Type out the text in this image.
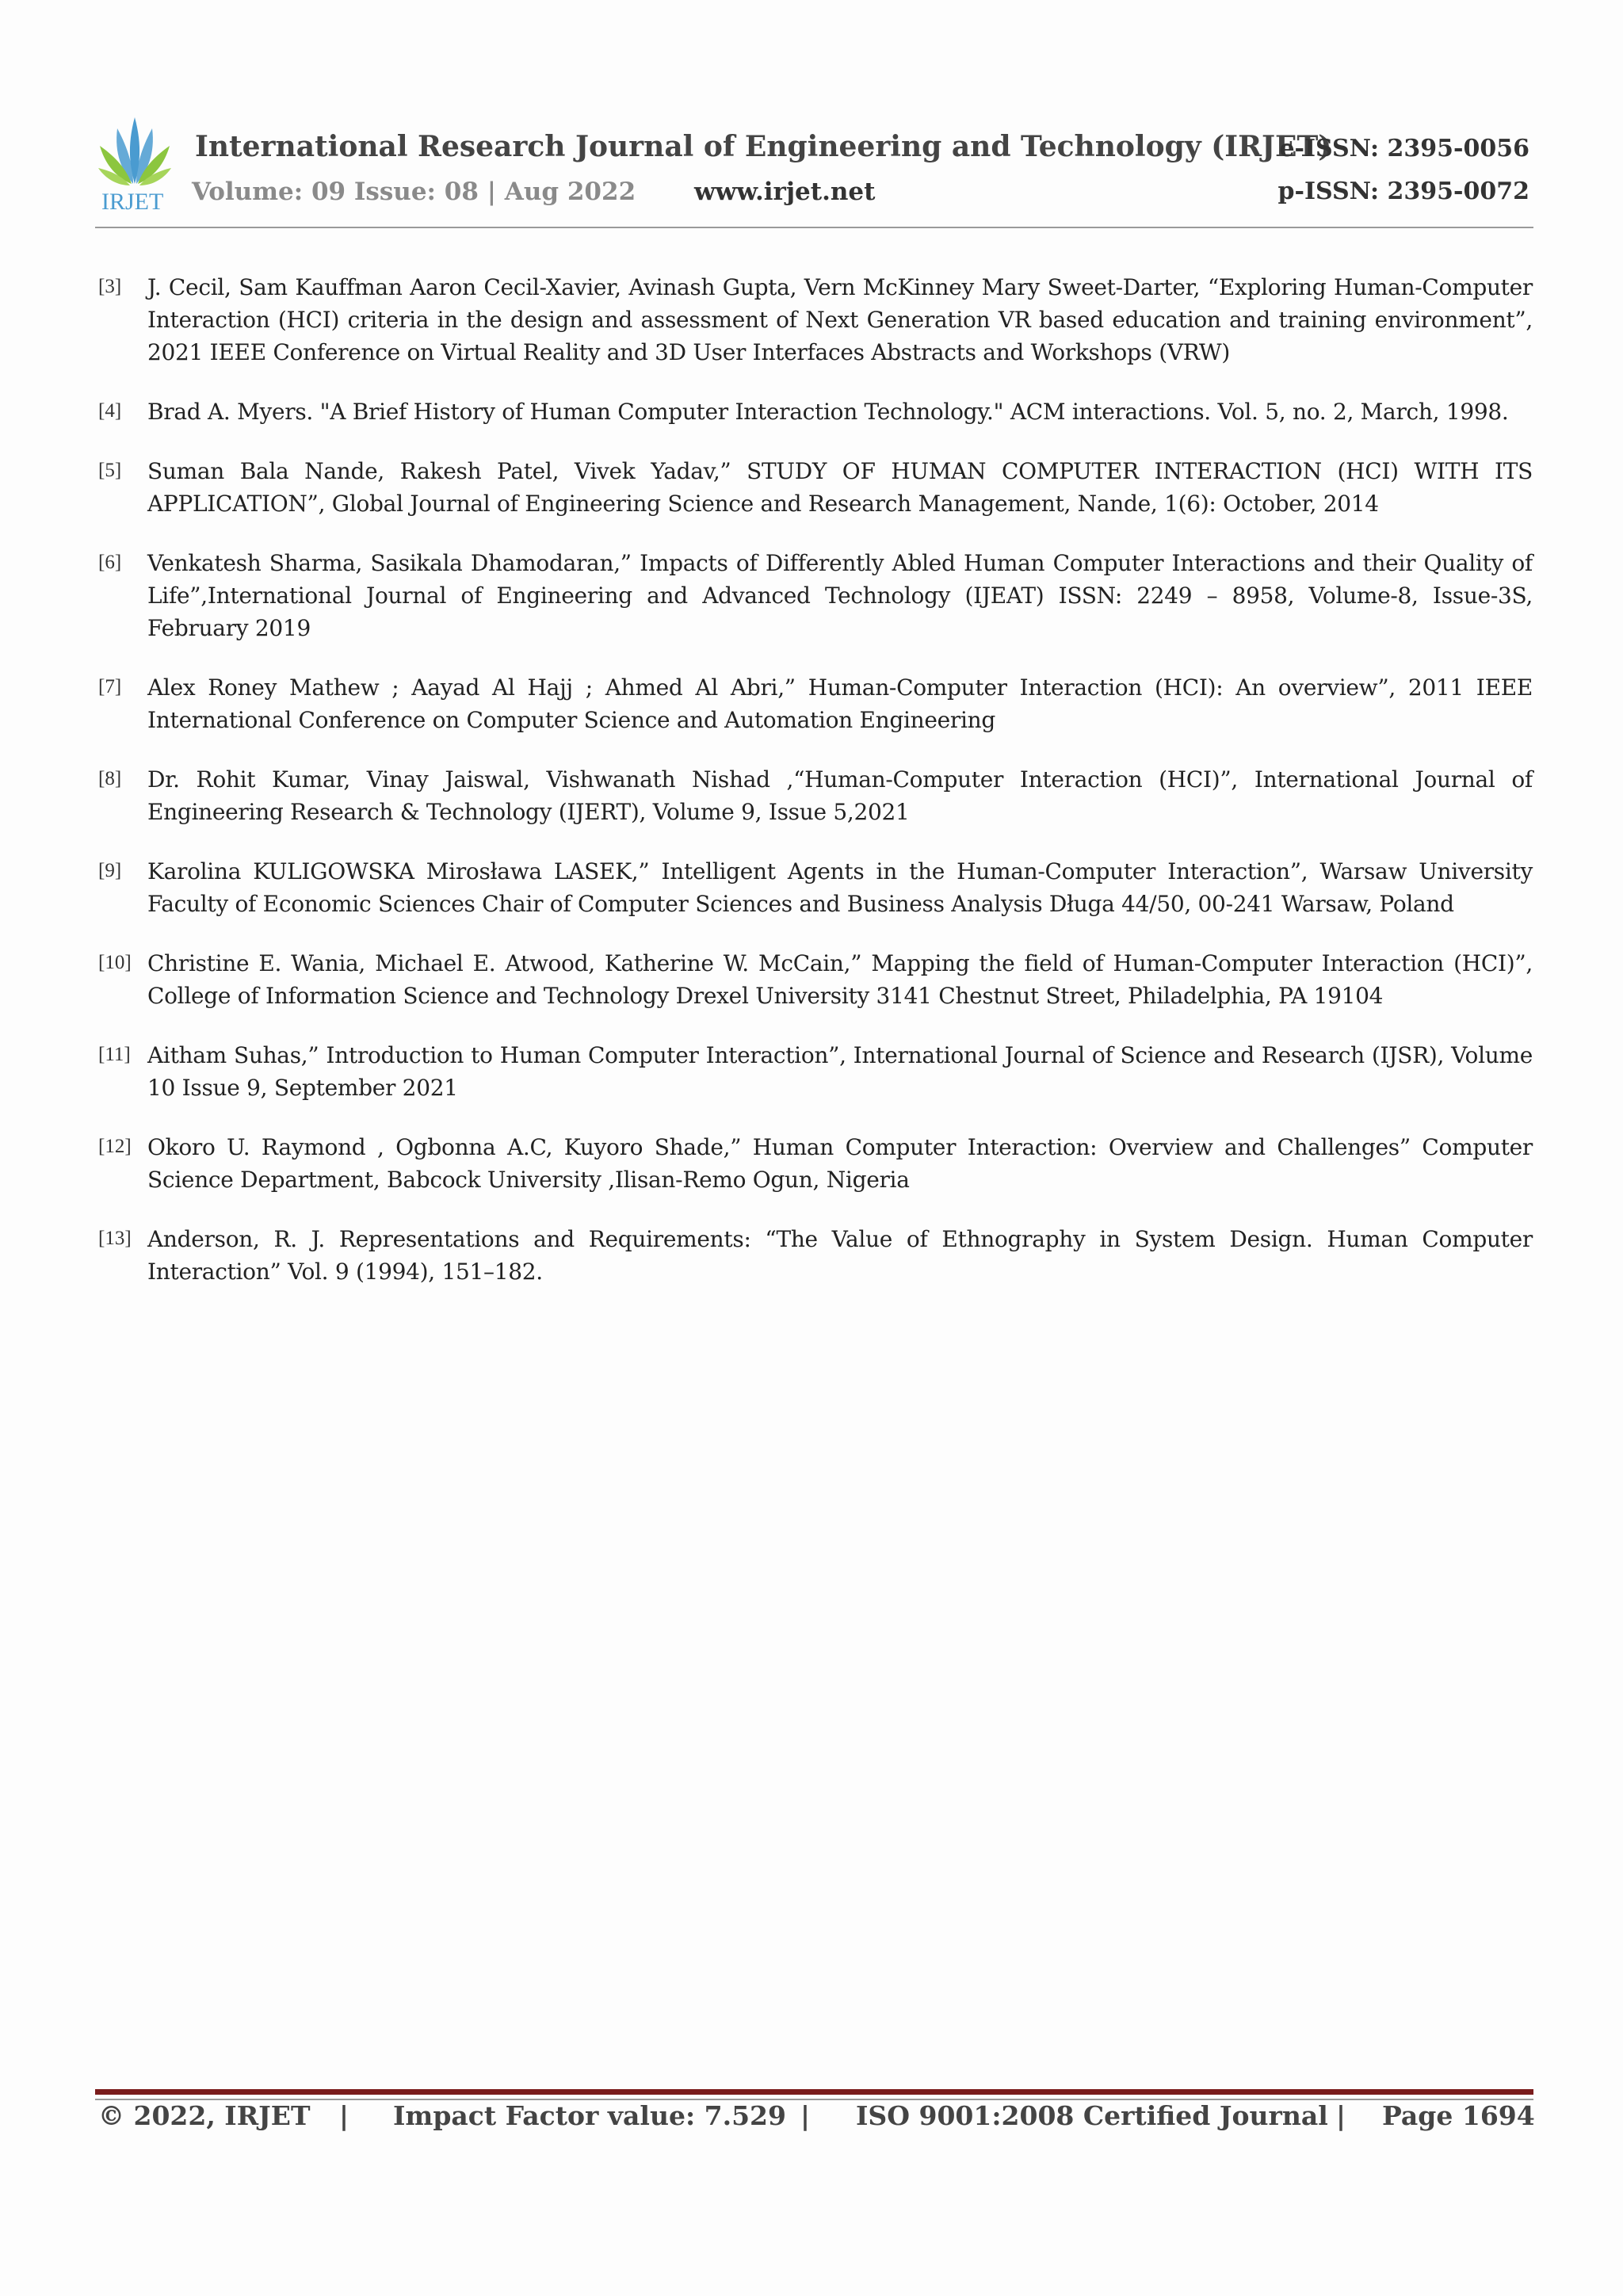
IRJET
International Research Journal of Engineering and Technology (IRJET)
Volume: 09 Issue: 08 | Aug 2022 www.irjet.net
e-ISSN: 2395-0056
p-ISSN: 2395-0072
[3]	J. Cecil, Sam Kauffman Aaron Cecil-Xavier, Avinash Gupta, Vern McKinney Mary Sweet-Darter, “Exploring Human-Computer Interaction (HCI) criteria in the design and assessment of Next Generation VR based education and training environment”, 2021 IEEE Conference on Virtual Reality and 3D User Interfaces Abstracts and Workshops (VRW)
[4]	Brad A. Myers. "A Brief History of Human Computer Interaction Technology." ACM interactions. Vol. 5, no. 2, March, 1998.
[5]	Suman Bala Nande, Rakesh Patel, Vivek Yadav,” STUDY OF HUMAN COMPUTER INTERACTION (HCI) WITH ITS APPLICATION”, Global Journal of Engineering Science and Research Management, Nande, 1(6): October, 2014
[6]	Venkatesh Sharma, Sasikala Dhamodaran,” Impacts of Differently Abled Human Computer Interactions and their Quality of Life”,International Journal of Engineering and Advanced Technology (IJEAT) ISSN: 2249 – 8958, Volume-8, Issue-3S, February 2019
[7]	Alex Roney Mathew ; Aayad Al Hajj ; Ahmed Al Abri,” Human-Computer Interaction (HCI): An overview”, 2011 IEEE International Conference on Computer Science and Automation Engineering
[8]	Dr. Rohit Kumar, Vinay Jaiswal, Vishwanath Nishad ,“Human-Computer Interaction (HCI)”, International Journal of Engineering Research & Technology (IJERT), Volume 9, Issue 5,2021
[9]	Karolina KULIGOWSKA Mirosława LASEK,” Intelligent Agents in the Human-Computer Interaction”, Warsaw University Faculty of Economic Sciences Chair of Computer Sciences and Business Analysis Długa 44/50, 00-241 Warsaw, Poland
[10] Christine E. Wania, Michael E. Atwood, Katherine W. McCain,” Mapping the field of Human-Computer Interaction (HCI)”, College of Information Science and Technology Drexel University 3141 Chestnut Street, Philadelphia, PA 19104
[11] Aitham Suhas,” Introduction to Human Computer Interaction”, International Journal of Science and Research (IJSR), Volume 10 Issue 9, September 2021
[12] Okoro U. Raymond , Ogbonna A.C, Kuyoro Shade,” Human Computer Interaction: Overview and Challenges” Computer Science Department, Babcock University ,Ilisan-Remo Ogun, Nigeria
[13] Anderson, R. J. Representations and Requirements: “The Value of Ethnography in System Design. Human Computer Interaction” Vol. 9 (1994), 151–182.
© 2022, IRJET | Impact Factor value: 7.529 | ISO 9001:2008 Certified Journal | Page 1694
